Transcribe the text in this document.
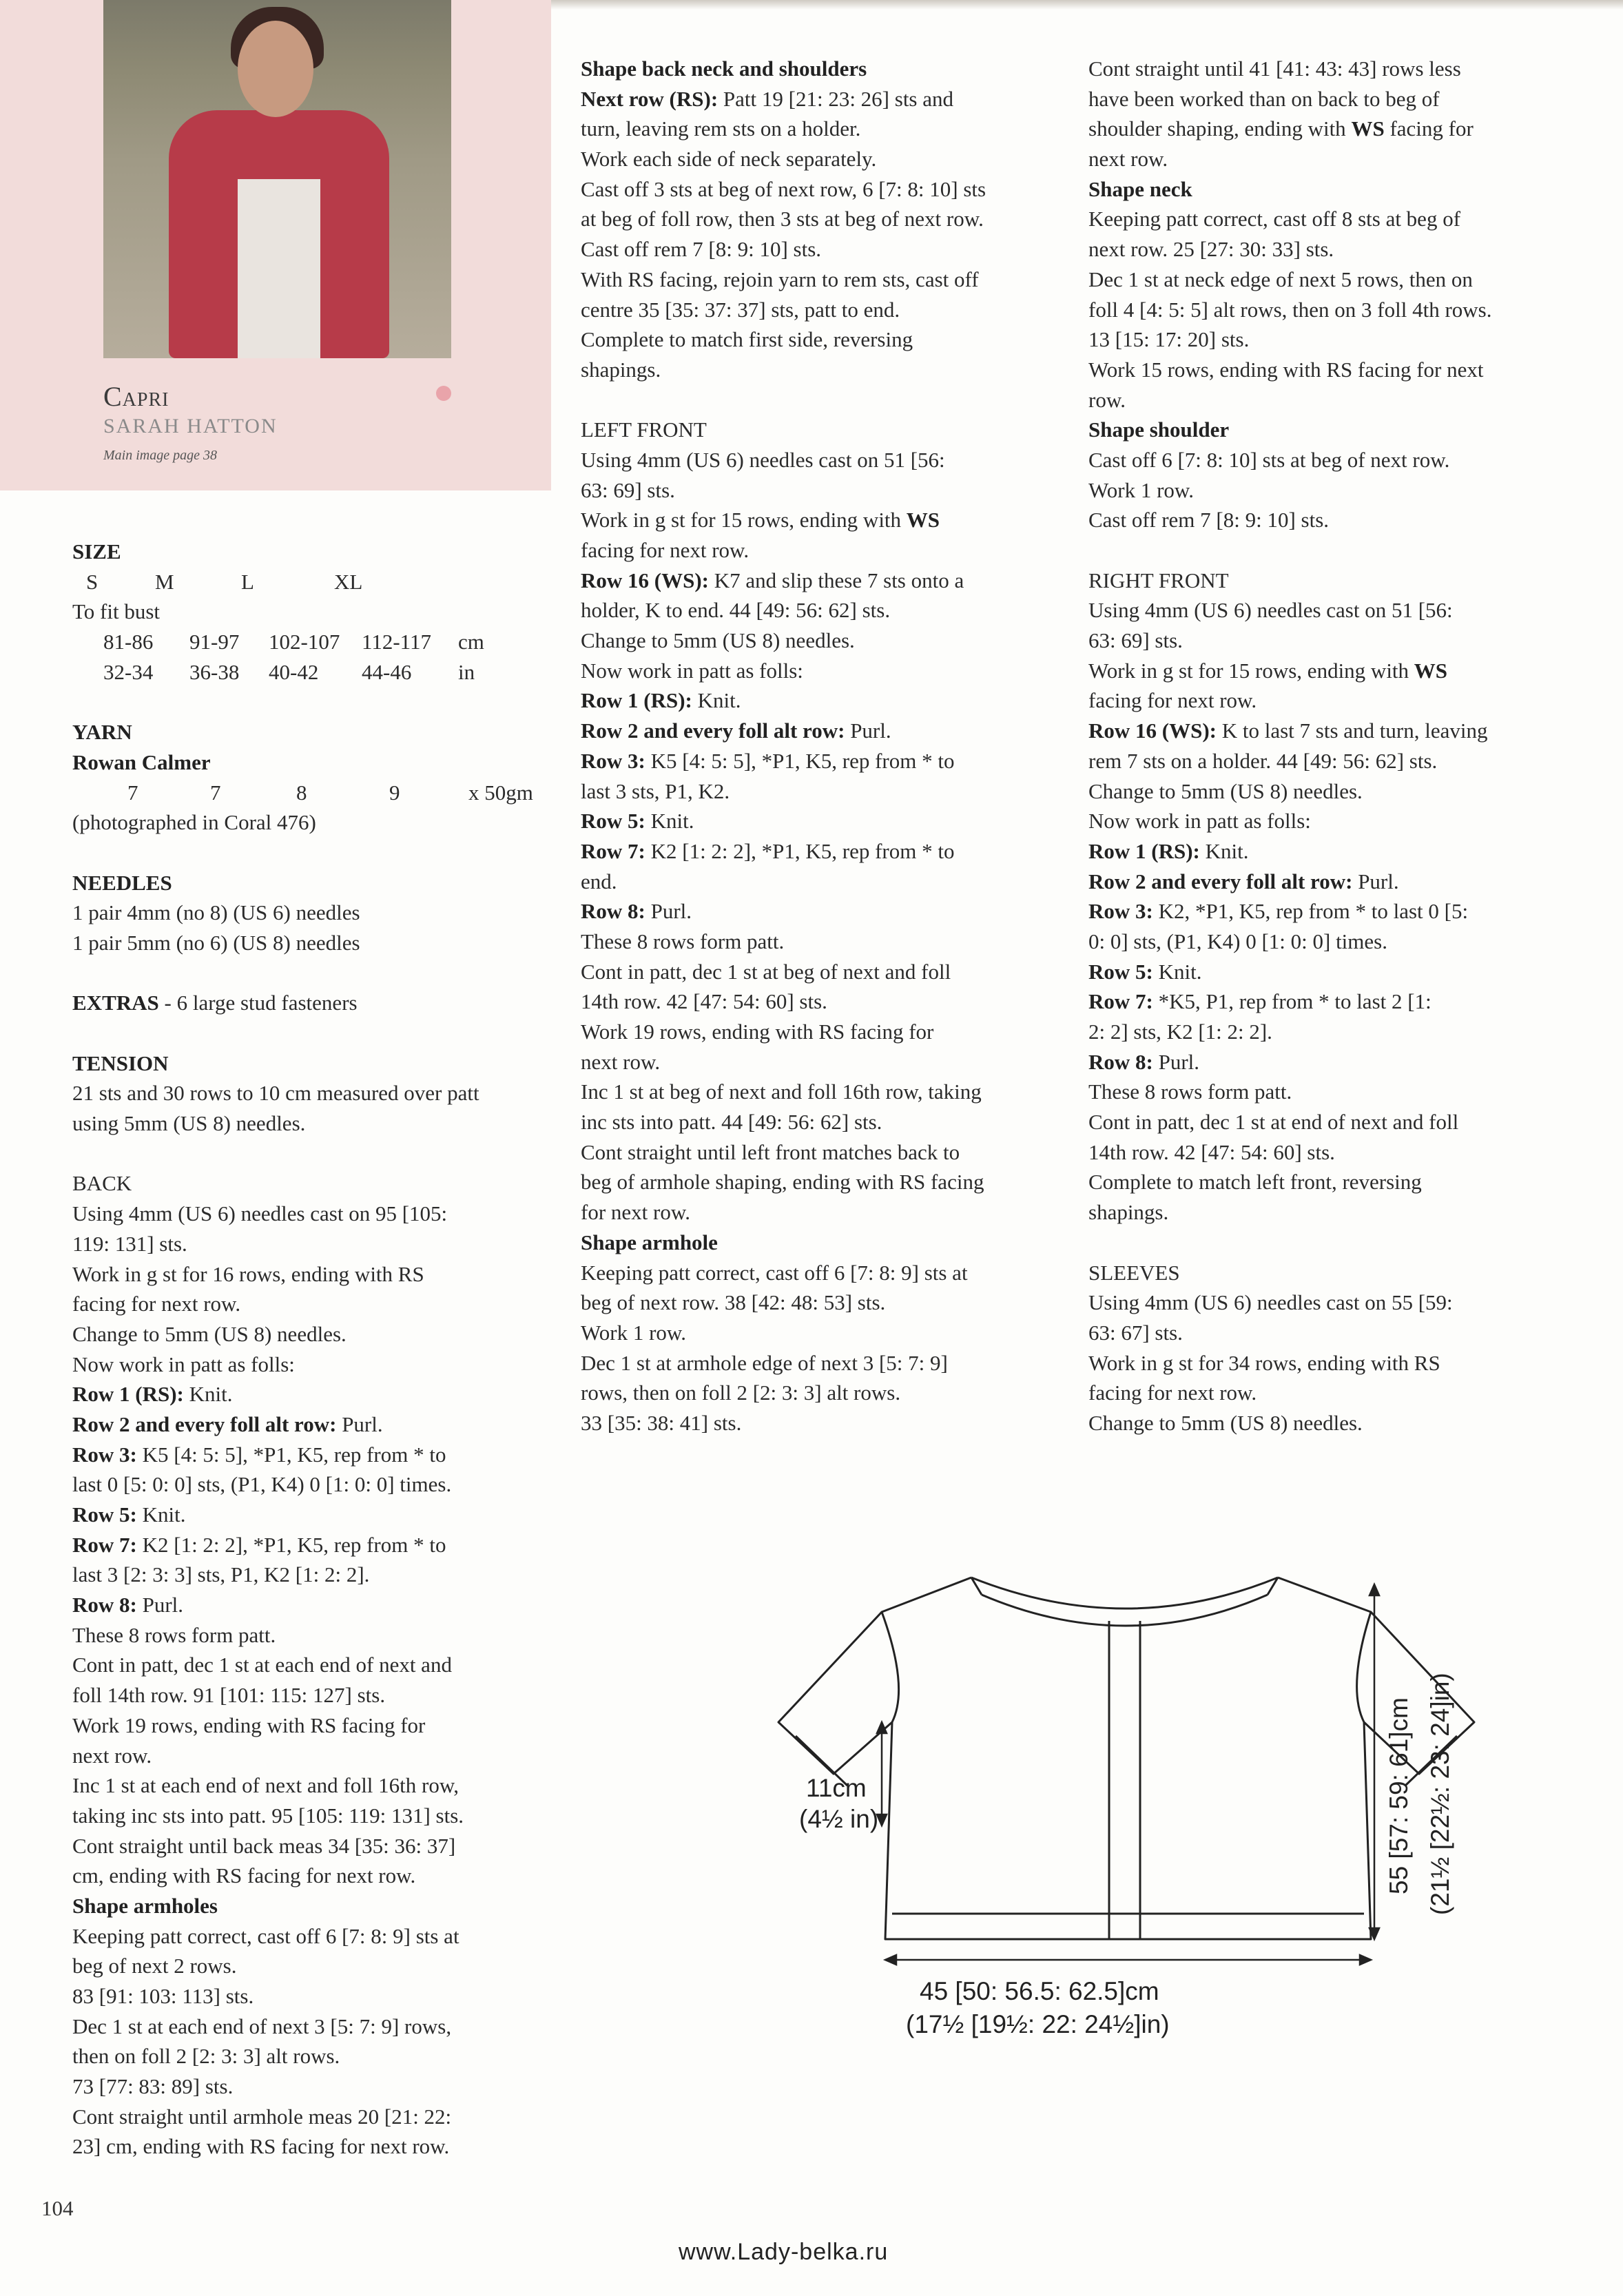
Capri
SARAH HATTON
Main image page 38
SIZE
S	M	L	XL
To fit bust
81-86	91-97	102-107	112-117	cm
32-34	36-38	40-42	44-46	in
YARN
Rowan Calmer
7	7	8	9	x 50gm
(photographed in Coral 476)
NEEDLES
1 pair 4mm (no 8) (US 6) needles
1 pair 5mm (no 6) (US 8) needles
EXTRAS - 6 large stud fasteners
TENSION
21 sts and 30 rows to 10 cm measured over patt
using 5mm (US 8) needles.
BACK
Using 4mm (US 6) needles cast on 95 [105:
119: 131] sts.
Work in g st for 16 rows, ending with RS
facing for next row.
Change to 5mm (US 8) needles.
Now work in patt as folls:
Row 1 (RS): Knit.
Row 2 and every foll alt row: Purl.
Row 3: K5 [4: 5: 5], *P1, K5, rep from * to
last 0 [5: 0: 0] sts, (P1, K4) 0 [1: 0: 0] times.
Row 5: Knit.
Row 7: K2 [1: 2: 2], *P1, K5, rep from * to
last 3 [2: 3: 3] sts, P1, K2 [1: 2: 2].
Row 8: Purl.
These 8 rows form patt.
Cont in patt, dec 1 st at each end of next and
foll 14th row. 91 [101: 115: 127] sts.
Work 19 rows, ending with RS facing for
next row.
Inc 1 st at each end of next and foll 16th row,
taking inc sts into patt. 95 [105: 119: 131] sts.
Cont straight until back meas 34 [35: 36: 37]
cm, ending with RS facing for next row.
Shape armholes
Keeping patt correct, cast off 6 [7: 8: 9] sts at
beg of next 2 rows.
83 [91: 103: 113] sts.
Dec 1 st at each end of next 3 [5: 7: 9] rows,
then on foll 2 [2: 3: 3] alt rows.
73 [77: 83: 89] sts.
Cont straight until armhole meas 20 [21: 22:
23] cm, ending with RS facing for next row.
Shape back neck and shoulders
Next row (RS): Patt 19 [21: 23: 26] sts and
turn, leaving rem sts on a holder.
Work each side of neck separately.
Cast off 3 sts at beg of next row, 6 [7: 8: 10] sts
at beg of foll row, then 3 sts at beg of next row.
Cast off rem 7 [8: 9: 10] sts.
With RS facing, rejoin yarn to rem sts, cast off
centre 35 [35: 37: 37] sts, patt to end.
Complete to match first side, reversing
shapings.
LEFT FRONT
Using 4mm (US 6) needles cast on 51 [56:
63: 69] sts.
Work in g st for 15 rows, ending with WS
facing for next row.
Row 16 (WS): K7 and slip these 7 sts onto a
holder, K to end. 44 [49: 56: 62] sts.
Change to 5mm (US 8) needles.
Now work in patt as folls:
Row 1 (RS): Knit.
Row 2 and every foll alt row: Purl.
Row 3: K5 [4: 5: 5], *P1, K5, rep from * to
last 3 sts, P1, K2.
Row 5: Knit.
Row 7: K2 [1: 2: 2], *P1, K5, rep from * to
end.
Row 8: Purl.
These 8 rows form patt.
Cont in patt, dec 1 st at beg of next and foll
14th row. 42 [47: 54: 60] sts.
Work 19 rows, ending with RS facing for
next row.
Inc 1 st at beg of next and foll 16th row, taking
inc sts into patt. 44 [49: 56: 62] sts.
Cont straight until left front matches back to
beg of armhole shaping, ending with RS facing
for next row.
Shape armhole
Keeping patt correct, cast off 6 [7: 8: 9] sts at
beg of next row. 38 [42: 48: 53] sts.
Work 1 row.
Dec 1 st at armhole edge of next 3 [5: 7: 9]
rows, then on foll 2 [2: 3: 3] alt rows.
33 [35: 38: 41] sts.
Cont straight until 41 [41: 43: 43] rows less
have been worked than on back to beg of
shoulder shaping, ending with WS facing for
next row.
Shape neck
Keeping patt correct, cast off 8 sts at beg of
next row. 25 [27: 30: 33] sts.
Dec 1 st at neck edge of next 5 rows, then on
foll 4 [4: 5: 5] alt rows, then on 3 foll 4th rows.
13 [15: 17: 20] sts.
Work 15 rows, ending with RS facing for next
row.
Shape shoulder
Cast off 6 [7: 8: 10] sts at beg of next row.
Work 1 row.
Cast off rem 7 [8: 9: 10] sts.
RIGHT FRONT
Using 4mm (US 6) needles cast on 51 [56:
63: 69] sts.
Work in g st for 15 rows, ending with WS
facing for next row.
Row 16 (WS): K to last 7 sts and turn, leaving
rem 7 sts on a holder. 44 [49: 56: 62] sts.
Change to 5mm (US 8) needles.
Now work in patt as folls:
Row 1 (RS): Knit.
Row 2 and every foll alt row: Purl.
Row 3: K2, *P1, K5, rep from * to last 0 [5:
0: 0] sts, (P1, K4) 0 [1: 0: 0] times.
Row 5: Knit.
Row 7: *K5, P1, rep from * to last 2 [1:
2: 2] sts, K2 [1: 2: 2].
Row 8: Purl.
These 8 rows form patt.
Cont in patt, dec 1 st at end of next and foll
14th row. 42 [47: 54: 60] sts.
Complete to match left front, reversing
shapings.
SLEEVES
Using 4mm (US 6) needles cast on 55 [59:
63: 67] sts.
Work in g st for 34 rows, ending with RS
facing for next row.
Change to 5mm (US 8) needles.
11cm
(4½ in)
45 [50: 56.5: 62.5]cm
(17½ [19½: 22: 24½]in)
55 [57: 59: 61]cm (21½ [22½: 23: 24]in)
104
www.Lady-belka.ru
